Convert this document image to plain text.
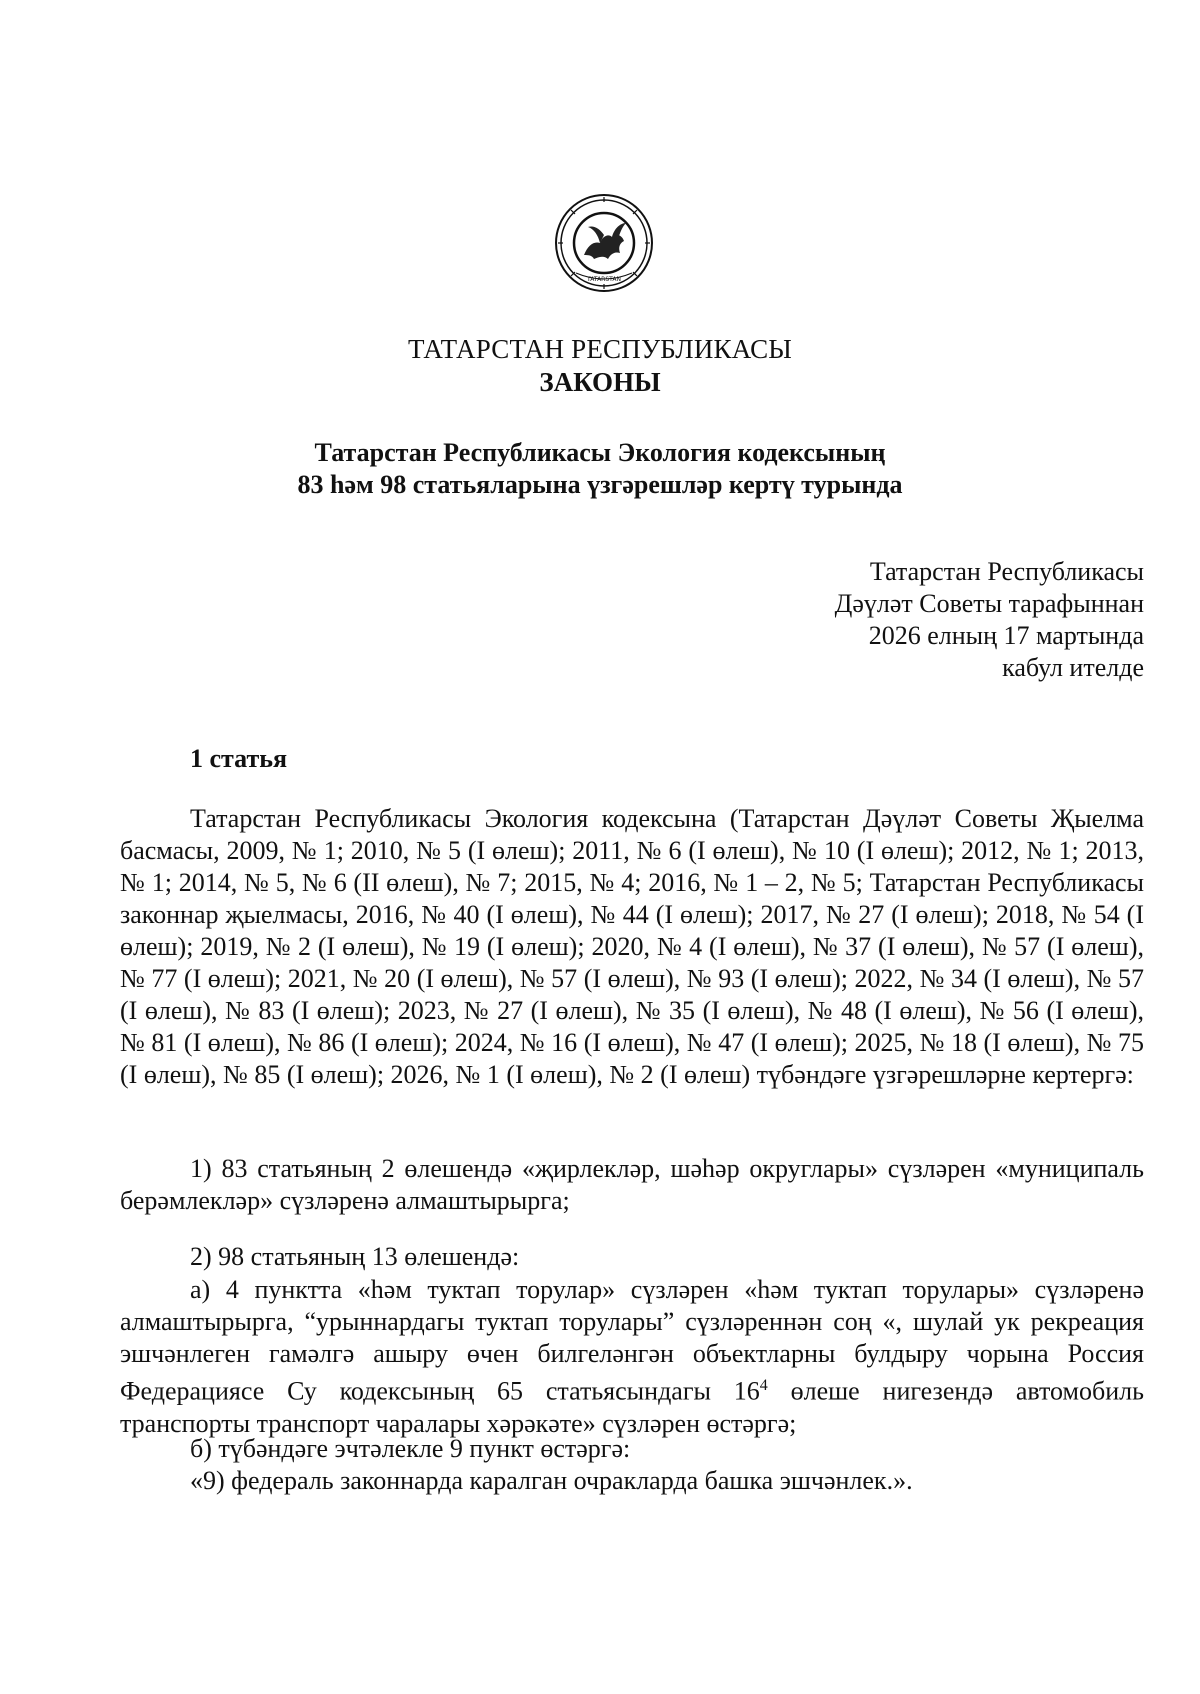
TATARSTAN
ТАТАРСТАН РЕСПУБЛИКАСЫ
ЗАКОНЫ
Татарстан Республикасы Экология кодексының
83 һәм 98 статьяларына үзгәрешләр кертү турында
Татарстан Республикасы
Дәүләт Советы тарафыннан
2026 елның 17 мартында
кабул ителде
1 статья
Татарстан Республикасы Экология кодексына (Татарстан Дәүләт Советы Җыелма басмасы, 2009, № 1; 2010, № 5 (I өлеш); 2011, № 6 (I өлеш), № 10 (I өлеш); 2012, № 1; 2013, № 1; 2014, № 5, № 6 (II өлеш), № 7; 2015, № 4; 2016, № 1 – 2, № 5; Татарстан Республикасы законнар җыелмасы, 2016, № 40 (I өлеш), № 44 (I өлеш); 2017, № 27 (I өлеш); 2018, № 54 (I өлеш); 2019, № 2 (I өлеш), № 19 (I өлеш); 2020, № 4 (I өлеш), № 37 (I өлеш), № 57 (I өлеш), № 77 (I өлеш); 2021, № 20 (I өлеш), № 57 (I өлеш), № 93 (I өлеш); 2022, № 34 (I өлеш), № 57 (I өлеш), № 83 (I өлеш); 2023, № 27 (I өлеш), № 35 (I өлеш), № 48 (I өлеш), № 56 (I өлеш), № 81 (I өлеш), № 86 (I өлеш); 2024, № 16 (I өлеш), № 47 (I өлеш); 2025, № 18 (I өлеш), № 75 (I өлеш), № 85 (I өлеш); 2026, № 1 (I өлеш), № 2 (I өлеш) түбәндәге үзгәрешләрне кертергә:
1) 83 статьяның 2 өлешендә «җирлекләр, шәһәр округлары» сүзләрен «муниципаль берәмлекләр» сүзләренә алмаштырырга;
2) 98 статьяның 13 өлешендә:
а) 4 пунктта «һәм туктап торулар» сүзләрен «һәм туктап торулары» сүзләренә алмаштырырга, “урыннардагы туктап торулары” сүзләреннән соң «, шулай ук рекреация эшчәнлеген гамәлгә ашыру өчен билгеләнгән объектларны булдыру чорына Россия Федерациясе Су кодексының 65 статьясындагы $16^4$ өлеше нигезендә автомобиль транспорты транспорт чаралары хәрәкәте» сүзләрен өстәргә;
б) түбәндәге эчтәлекле 9 пункт өстәргә:
«9) федераль законнарда каралган очракларда башка эшчәнлек.».
